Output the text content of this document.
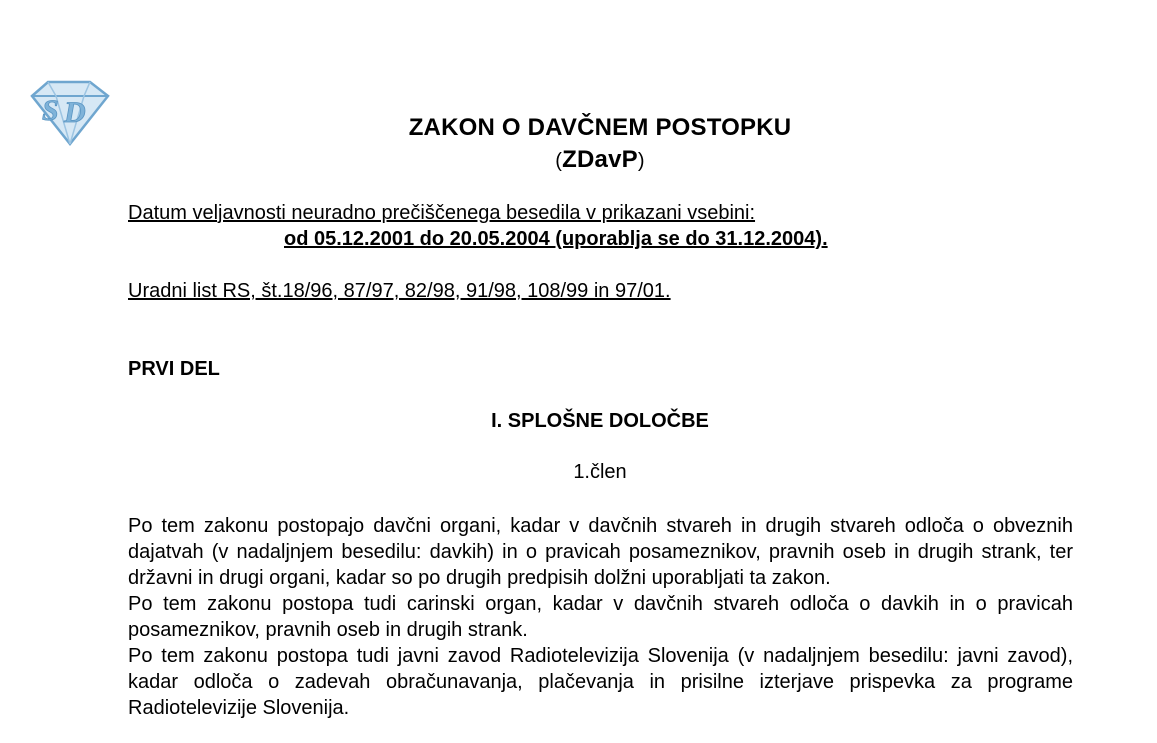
S D	ZAKON O DAVČNEM POSTOPKU
(ZDavP)
Datum veljavnosti neuradno prečiščenega besedila v prikazani vsebini:
od 05.12.2001 do 20.05.2004 (uporablja se do 31.12.2004).
Uradni list RS, št.18/96, 87/97, 82/98, 91/98, 108/99 in 97/01.
PRVI DEL
I. SPLOŠNE DOLOČBE
1.člen

Po tem zakonu postopajo davčni organi, kadar v davčnih stvareh in drugih stvareh odloča o obveznih dajatvah (v nadaljnjem besedilu: davkih) in o pravicah posameznikov, pravnih oseb in drugih strank, ter državni in drugi organi, kadar so po drugih predpisih dolžni uporabljati ta zakon.

Po tem zakonu postopa tudi carinski organ, kadar v davčnih stvareh odloča o davkih in o pravicah posameznikov, pravnih oseb in drugih strank.

Po tem zakonu postopa tudi javni zavod Radiotelevizija Slovenija (v nadaljnjem besedilu: javni zavod), kadar odloča o zadevah obračunavanja, plačevanja in prisilne izterjave prispevka za programe Radiotelevizije Slovenija.
